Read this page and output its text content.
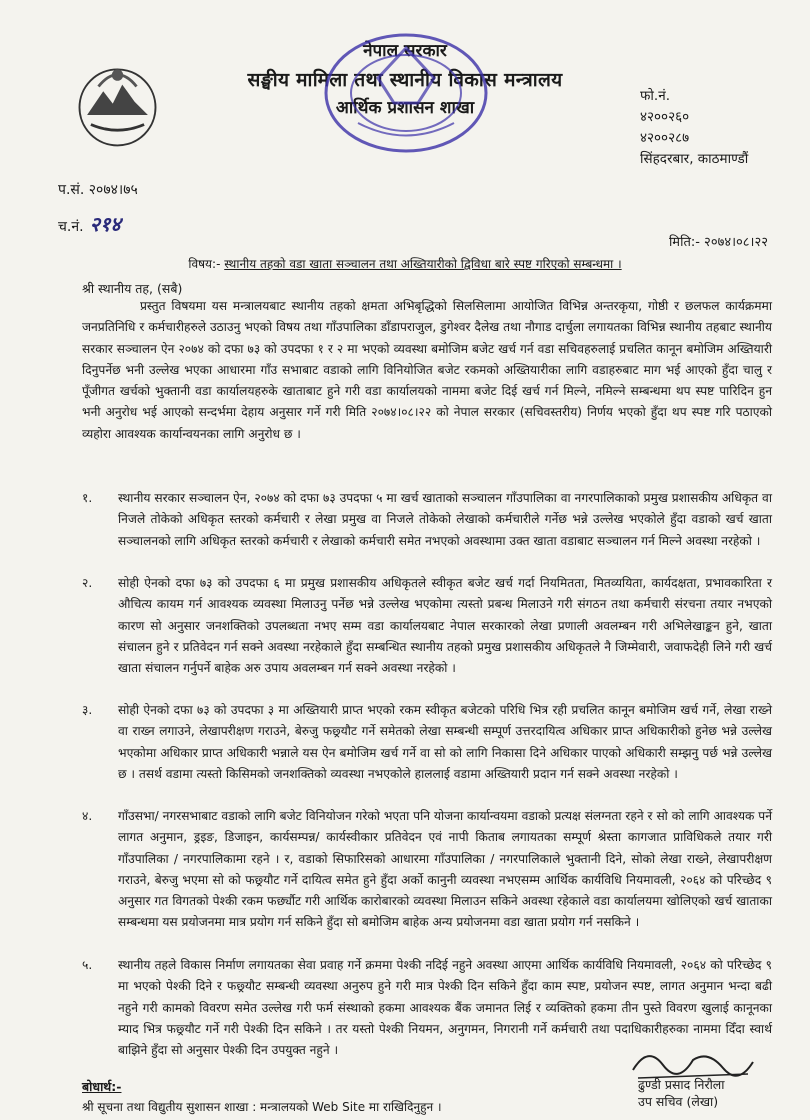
नेपाल सरकार
सङ्घीय मामिला तथा स्थानीय विकास मन्त्रालय
आर्थिक प्रशासन शाखा
फो.नं.
४२००२६०
४२००२८७
सिंहदरबार, काठमाण्डौं
प.सं. २०७४।७५
च.नं. २१४
मिति:- २०७४।०८।२२
विषय:- स्थानीय तहको वडा खाता सञ्चालन तथा अख्तियारीको द्विविधा बारे स्पष्ट गरिएको सम्बन्धमा ।
श्री स्थानीय तह, (सबै)
प्रस्तुत विषयमा यस मन्त्रालयबाट स्थानीय तहको क्षमता अभिबृद्धिको सिलसिलामा आयोजित विभिन्न अन्तरकृया, गोष्ठी र छलफल कार्यक्रममा जनप्रतिनिधि र कर्मचारीहरुले उठाउनु भएको विषय तथा गाँउपालिका डाँडापराजुल, डुगेश्वर दैलेख तथा नौगाड दार्चुला लगायतका विभिन्न स्थानीय तहबाट स्थानीय सरकार सञ्चालन ऐन २०७४ को दफा ७३ को उपदफा १ र २ मा भएको व्यवस्था बमोजिम बजेट खर्च गर्न वडा सचिवहरुलाई प्रचलित कानून बमोजिम अख्तियारी दिनुपर्नेछ भनी उल्लेख भएका आधारमा गाँउ सभाबाट वडाको लागि विनियोजित बजेट रकमको अख्तियारीका लागि वडाहरुबाट माग भई आएको हुँदा चालु र पूँजीगत खर्चको भुक्तानी वडा कार्यालयहरुके खाताबाट हुने गरी वडा कार्यालयको नाममा बजेट दिई खर्च गर्न मिल्ने, नमिल्ने सम्बन्धमा थप स्पष्ट पारिदिन हुन भनी अनुरोध भई आएको सन्दर्भमा देहाय अनुसार गर्ने गरी मिति २०७४।०८।२२ को नेपाल सरकार (सचिवस्तरीय) निर्णय भएको हुँदा थप स्पष्ट गरि पठाएको व्यहोरा आवश्यक कार्यान्वयनका लागि अनुरोध छ ।
१.	स्थानीय सरकार सञ्चालन ऐन, २०७४ को दफा ७३ उपदफा ५ मा खर्च खाताको सञ्चालन गाँउपालिका वा नगरपालिकाको प्रमुख प्रशासकीय अधिकृत वा निजले तोकेको अधिकृत स्तरको कर्मचारी र लेखा प्रमुख वा निजले तोकेको लेखाको कर्मचारीले गर्नेछ भन्ने उल्लेख भएकोले हुँदा वडाको खर्च खाता सञ्चालनको लागि अधिकृत स्तरको कर्मचारी र लेखाको कर्मचारी समेत नभएको अवस्थामा उक्त खाता वडाबाट सञ्चालन गर्न मिल्ने अवस्था नरहेको ।
२.	सोही ऐनको दफा ७३ को उपदफा ६ मा प्रमुख प्रशासकीय अधिकृतले स्वीकृत बजेट खर्च गर्दा नियमितता, मितव्ययिता, कार्यदक्षता, प्रभावकारिता र औचित्य कायम गर्न आवश्यक व्यवस्था मिलाउनु पर्नेछ भन्ने उल्लेख भएकोमा त्यस्तो प्रबन्ध मिलाउने गरी संगठन तथा कर्मचारी संरचना तयार नभएको कारण सो अनुसार जनशक्तिको उपलब्धता नभए सम्म वडा कार्यालयबाट नेपाल सरकारको लेखा प्रणाली अवलम्बन गरी अभिलेखाङ्कन हुने, खाता संचालन हुने र प्रतिवेदन गर्न सक्ने अवस्था नरहेकाले हुँदा सम्बन्धित स्थानीय तहको प्रमुख प्रशासकीय अधिकृतले नै जिम्मेवारी, जवाफदेही लिने गरी खर्च खाता संचालन गर्नुपर्ने बाहेक अरु उपाय अवलम्बन गर्न सक्ने अवस्था नरहेको ।
३.	सोही ऐनको दफा ७३ को उपदफा ३ मा अख्तियारी प्राप्त भएको रकम स्वीकृत बजेटको परिधि भित्र रही प्रचलित कानून बमोजिम खर्च गर्ने, लेखा राख्ने वा राख्न लगाउने, लेखापरीक्षण गराउने, बेरुजु फछ्र्यौट गर्ने समेतको लेखा सम्बन्धी सम्पूर्ण उत्तरदायित्व अधिकार प्राप्त अधिकारीको हुनेछ भन्ने उल्लेख भएकोमा अधिकार प्राप्त अधिकारी भन्नाले यस ऐन बमोजिम खर्च गर्ने वा सो को लागि निकासा दिने अधिकार पाएको अधिकारी सम्झनु पर्छ भन्ने उल्लेख छ । तसर्थ वडामा त्यस्तो किसिमको जनशक्तिको व्यवस्था नभएकोले हाललाई वडामा अख्तियारी प्रदान गर्न सक्ने अवस्था नरहेको ।
४.	गाँउसभा/ नगरसभाबाट वडाको लागि बजेट विनियोजन गरेको भएता पनि योजना कार्यान्वयमा वडाको प्रत्यक्ष संलग्नता रहने र सो को लागि आवश्यक पर्ने लागत अनुमान, ड्रइङ, डिजाइन, कार्यसम्पन्न/ कार्यस्वीकार प्रतिवेदन एवं नापी किताब लगायतका सम्पूर्ण श्रेस्ता कागजात प्राविधिकले तयार गरी गाँउपालिका / नगरपालिकामा रहने । र, वडाको सिफारिसको आधारमा गाँउपालिका / नगरपालिकाले भुक्तानी दिने, सोको लेखा राख्ने, लेखापरीक्षण गराउने, बेरुजु भएमा सो को फछ्र्यौट गर्ने दायित्व समेत हुने हुँदा अर्को कानुनी व्यवस्था नभएसम्म आर्थिक कार्यविधि नियमावली, २०६४ को परिच्छेद ९ अनुसार गत विगतको पेश्की रकम फर्छ्यौट गरी आर्थिक कारोबारको व्यवस्था मिलाउन सकिने अवस्था रहेकाले वडा कार्यालयमा खोलिएको खर्च खाताका सम्बन्धमा यस प्रयोजनमा मात्र प्रयोग गर्न सकिने हुँदा सो बमोजिम बाहेक अन्य प्रयोजनमा वडा खाता प्रयोग गर्न नसकिने ।
५.	स्थानीय तहले विकास निर्माण लगायतका सेवा प्रवाह गर्ने क्रममा पेश्की नदिई नहुने अवस्था आएमा आर्थिक कार्यविधि नियमावली, २०६४ को परिच्छेद ९ मा भएको पेश्की दिने र फछ्र्यौट सम्बन्धी व्यवस्था अनुरुप हुने गरी मात्र पेश्की दिन सकिने हुँदा काम स्पष्ट, प्रयोजन स्पष्ट, लागत अनुमान भन्दा बढी नहुने गरी कामको विवरण समेत उल्लेख गरी फर्म संस्थाको हकमा आवश्यक बैंक जमानत लिई र व्यक्तिको हकमा तीन पुस्ते विवरण खुलाई कानूनका म्याद भित्र फछ्र्यौट गर्ने गरी पेश्की दिन सकिने । तर यस्तो पेश्की नियमन, अनुगमन, निगरानी गर्ने कर्मचारी तथा पदाधिकारीहरुका नाममा दिँदा स्वार्थ बाझिने हुँदा सो अनुसार पेश्की दिन उपयुक्त नहुने ।
ढुण्डी प्रसाद निरौला
उप सचिव (लेखा)
बोधार्थ:-
श्री सूचना तथा विद्युतीय सुशासन शाखा : मन्त्रालयको Web Site मा राखिदिनुहुन ।
